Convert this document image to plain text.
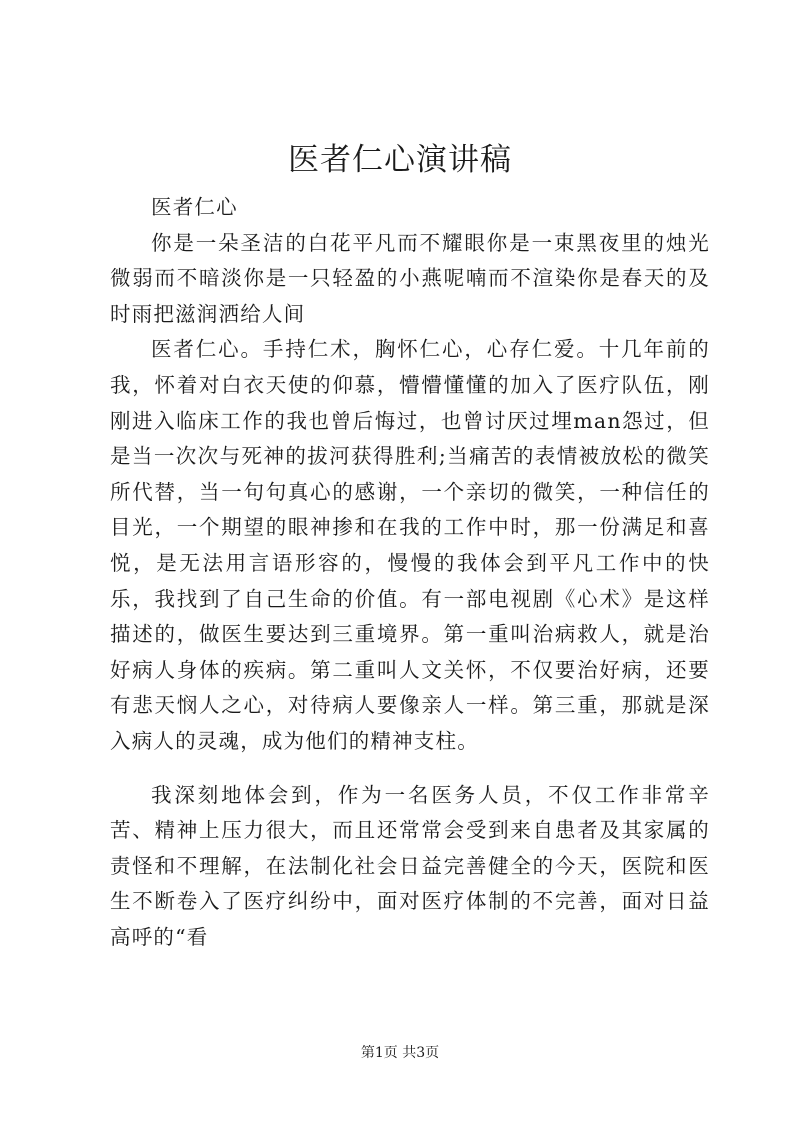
医者仁心演讲稿

医者仁心

你是一朵圣洁的白花平凡而不耀眼你是一束黑夜里的烛光微弱而不暗淡你是一只轻盈的小燕呢喃而不渲染你是春天的及时雨把滋润洒给人间

医者仁心。手持仁术，胸怀仁心，心存仁爱。十几年前的我，怀着对白衣天使的仰慕，懵懵懂懂的加入了医疗队伍，刚刚进入临床工作的我也曾后悔过，也曾讨厌过埋man怨过，但是当一次次与死神的拔河获得胜利;当痛苦的表情被放松的微笑所代替，当一句句真心的感谢，一个亲切的微笑，一种信任的目光，一个期望的眼神掺和在我的工作中时，那一份满足和喜悦，是无法用言语形容的，慢慢的我体会到平凡工作中的快乐，我找到了自己生命的价值。有一部电视剧《心术》是这样描述的，做医生要达到三重境界。第一重叫治病救人，就是治好病人身体的疾病。第二重叫人文关怀，不仅要治好病，还要有悲天悯人之心，对待病人要像亲人一样。第三重，那就是深入病人的灵魂，成为他们的精神支柱。

我深刻地体会到，作为一名医务人员，不仅工作非常辛苦、精神上压力很大，而且还常常会受到来自患者及其家属的责怪和不理解，在法制化社会日益完善健全的今天，医院和医生不断卷入了医疗纠纷中，面对医疗体制的不完善，面对日益高呼的“看

第1页 共3页
